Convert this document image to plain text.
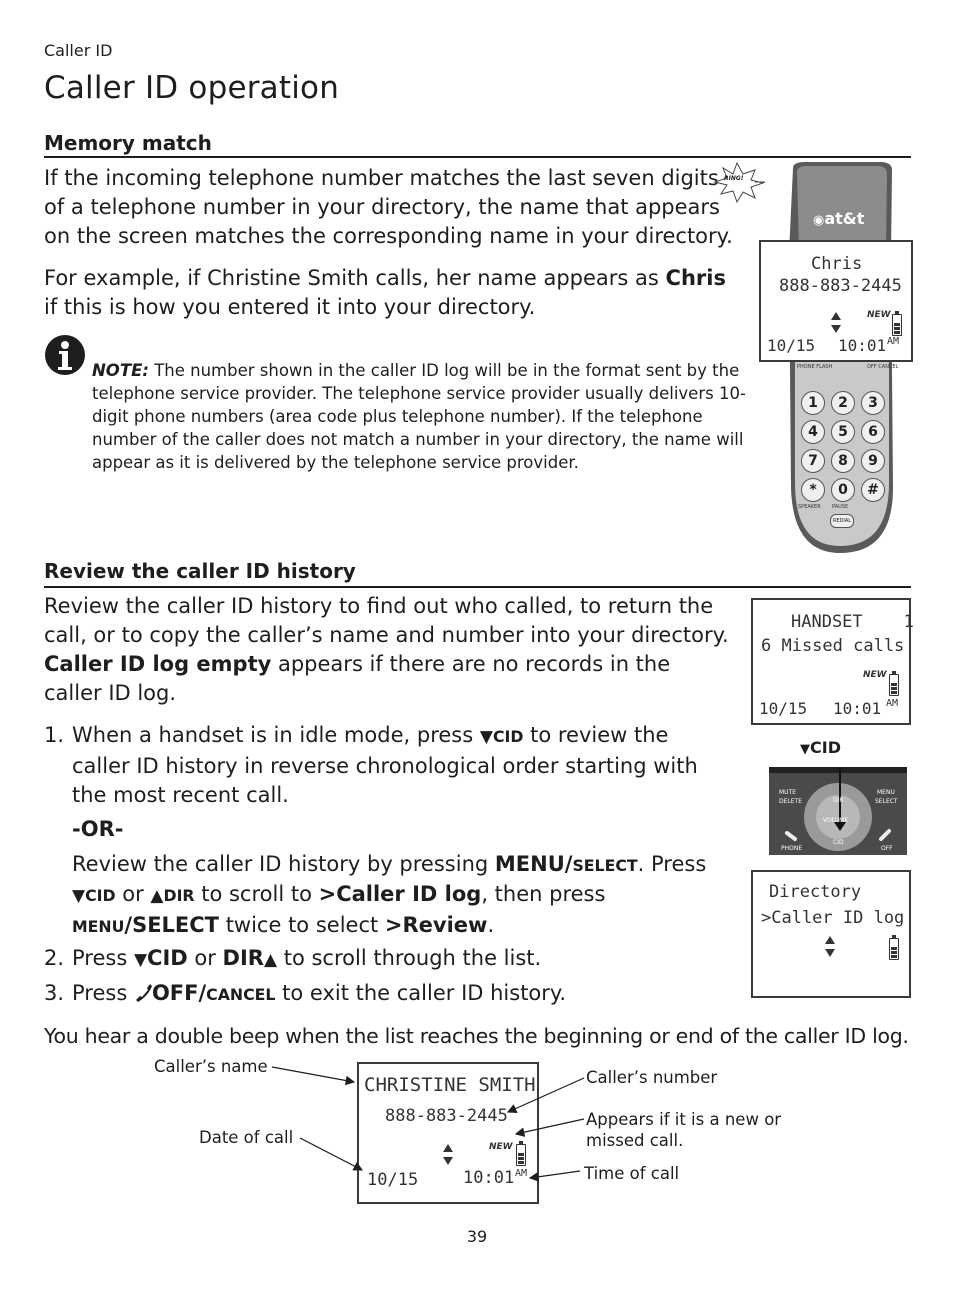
Caller ID
Caller ID operation
Memory match

If the incoming telephone number matches the last seven digits of a telephone number in your directory, the name that appears on the screen matches the corresponding name in your directory.

For example, if Christine Smith calls, her name appears as Chris if this is how you entered it into your directory.

NOTE: The number shown in the caller ID log will be in the format sent by the telephone service provider. The telephone service provider usually delivers 10-digit phone numbers (area code plus telephone number). If the telephone number of the caller does not match a number in your directory, the name will appear as it is delivered by the telephone service provider.

◉at&t
RING!
Chris
888-883-2445
NEW
10/15 10:01 AM
PHONE FLASH	OFF CANCEL
1	2	3
4	5	6
7	8	9
*	0	#
SPEAKER PAUSE
REDIAL
Review the caller ID history

Review the caller ID history to find out who called, to return the call, or to copy the caller’s name and number into your directory. Caller ID log empty appears if there are no records in the caller ID log.

1. When a handset is in idle mode, press ▼CID to review the caller ID history in reverse chronological order starting with the most recent call.

-OR-

Review the caller ID history by pressing MENU/SELECT. Press ▼CID or ▲DIR to scroll to >Caller ID log, then press MENU/SELECT twice to select >Review.

2. Press ▼CID or DIR▲ to scroll through the list.

3. Press OFF/CANCEL to exit the caller ID history.

You hear a double beep when the list reaches the beginning or end of the caller ID log.

HANDSET    1
6 Missed calls
NEW
10/15 10:01 AM
▼CID
MUTE
DELETE
MENU
SELECT
DIR
VOLUME
CID
PHONE	OFF
Directory
>Caller ID log
CHRISTINE SMITH
888-883-2445
NEW
10/15	10:01 AM
Caller’s name
Date of call
Caller’s number
Appears if it is a new or missed call.
Time of call
39
